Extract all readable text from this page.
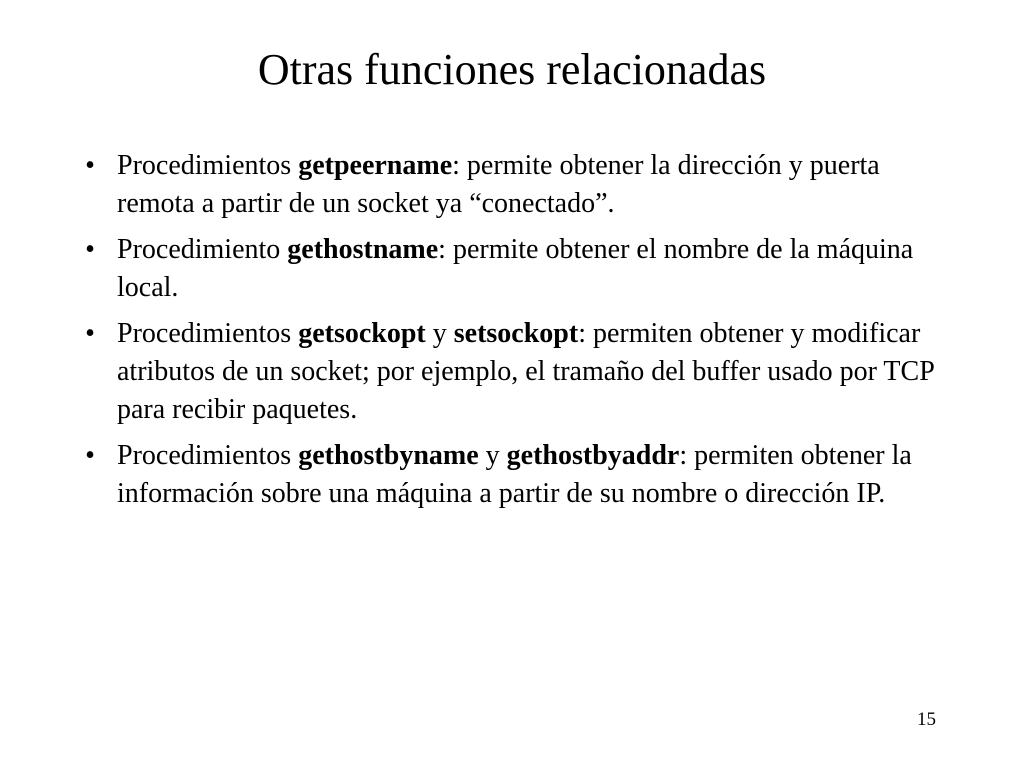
Otras funciones relacionadas
• Procedimientos getpeername: permite obtener la dirección y puerta remota a partir de un socket ya “conectado”.
• Procedimiento gethostname: permite obtener el nombre de la máquina local.
• Procedimientos getsockopt y setsockopt: permiten obtener y modificar atributos de un socket; por ejemplo, el tramaño del buffer usado por TCP para recibir paquetes.
• Procedimientos gethostbyname y gethostbyaddr: permiten obtener la información sobre una máquina a partir de su nombre o dirección IP.
15
